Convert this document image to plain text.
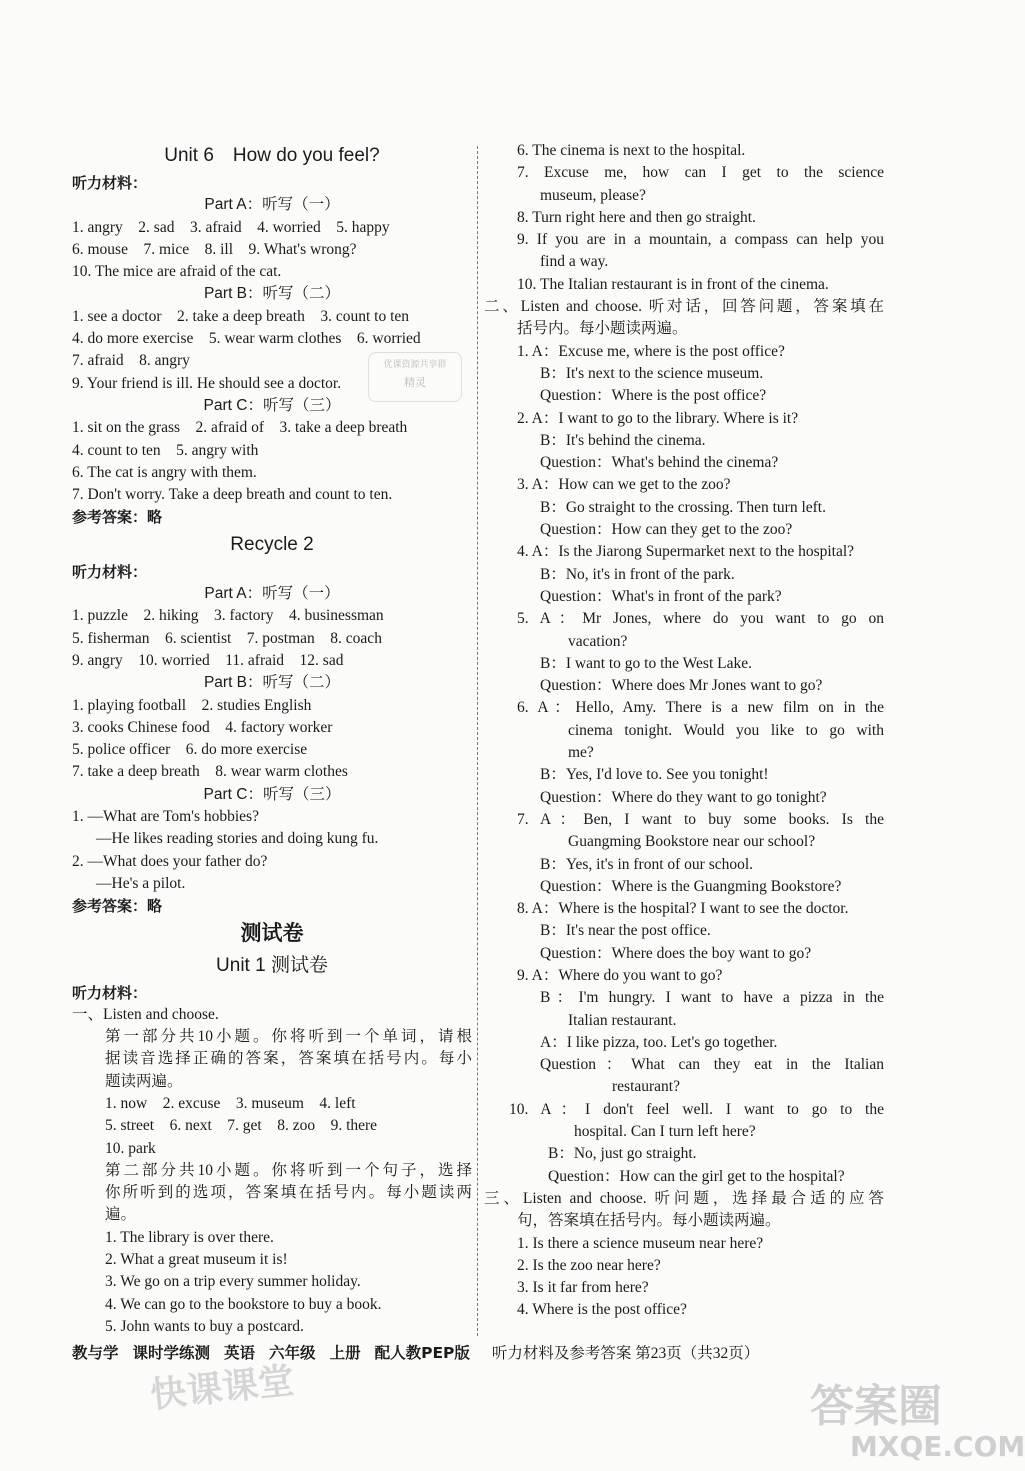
Unit 6　How do you feel?
听力材料：
Part A：听写（一）
1. angry　2. sad　3. afraid　4. worried　5. happy
6. mouse　7. mice　8. ill　9. What's wrong?
10. The mice are afraid of the cat.
Part B：听写（二）
1. see a doctor　2. take a deep breath　3. count to ten
4. do more exercise　5. wear warm clothes　6. worried
7. afraid　8. angry
9. Your friend is ill. He should see a doctor.
Part C：听写（三）
1. sit on the grass　2. afraid of　3. take a deep breath
4. count to ten　5. angry with
6. The cat is angry with them.
7. Don't worry. Take a deep breath and count to ten.
参考答案：略
Recycle 2
听力材料：
Part A：听写（一）
1. puzzle　2. hiking　3. factory　4. businessman
5. fisherman　6. scientist　7. postman　8. coach
9. angry　10. worried　11. afraid　12. sad
Part B：听写（二）
1. playing football　2. studies English
3. cooks Chinese food　4. factory worker
5. police officer　6. do more exercise
7. take a deep breath　8. wear warm clothes
Part C：听写（三）
1. —What are Tom's hobbies?
—He likes reading stories and doing kung fu.
2. —What does your father do?
—He's a pilot.
参考答案：略
测试卷
Unit 1 测试卷
听力材料：
一、Listen and choose.
第一部分共10小题。你将听到一个单词，请根
据读音选择正确的答案，答案填在括号内。每小
题读两遍。
1. now　2. excuse　3. museum　4. left
5. street　6. next　7. get　8. zoo　9. there
10. park
第二部分共10小题。你将听到一个句子，选择
你所听到的选项，答案填在括号内。每小题读两
遍。
1. The library is over there.
2. What a great museum it is!
3. We go on a trip every summer holiday.
4. We can go to the bookstore to buy a book.
5. John wants to buy a postcard.
6. The cinema is next to the hospital.
7. Excuse me, how can I get to the science
museum, please?
8. Turn right here and then go straight.
9. If you are in a mountain, a compass can help you
find a way.
10. The Italian restaurant is in front of the cinema.
二、Listen and choose. 听对话，回答问题，答案填在
括号内。每小题读两遍。
1. A：Excuse me, where is the post office?
B：It's next to the science museum.
Question：Where is the post office?
2. A：I want to go to the library. Where is it?
B：It's behind the cinema.
Question：What's behind the cinema?
3. A：How can we get to the zoo?
B：Go straight to the crossing. Then turn left.
Question：How can they get to the zoo?
4. A：Is the Jiarong Supermarket next to the hospital?
B：No, it's in front of the park.
Question：What's in front of the park?
5. A：Mr Jones, where do you want to go on
vacation?
B：I want to go to the West Lake.
Question：Where does Mr Jones want to go?
6. A：Hello, Amy. There is a new film on in the
cinema tonight. Would you like to go with
me?
B：Yes, I'd love to. See you tonight!
Question：Where do they want to go tonight?
7. A：Ben, I want to buy some books. Is the
Guangming Bookstore near our school?
B：Yes, it's in front of our school.
Question：Where is the Guangming Bookstore?
8. A：Where is the hospital? I want to see the doctor.
B：It's near the post office.
Question：Where does the boy want to go?
9. A：Where do you want to go?
B：I'm hungry. I want to have a pizza in the
Italian restaurant.
A：I like pizza, too. Let's go together.
Question：What can they eat in the Italian
restaurant?
10. A：I don't feel well. I want to go to the
hospital. Can I turn left here?
B：No, just go straight.
Question：How can the girl get to the hospital?
三、Listen and choose. 听问题，选择最合适的应答
句，答案填在括号内。每小题读两遍。
1. Is there a science museum near here?
2. Is the zoo near here?
3. Is it far from here?
4. Where is the post office?
优课资源共享群
精灵
教与学 课时学练测 英语 六年级 上册 配人教PEP版 听力材料及参考答案 第23页（共32页）
快课课堂	答案圈
MXQE.COM
